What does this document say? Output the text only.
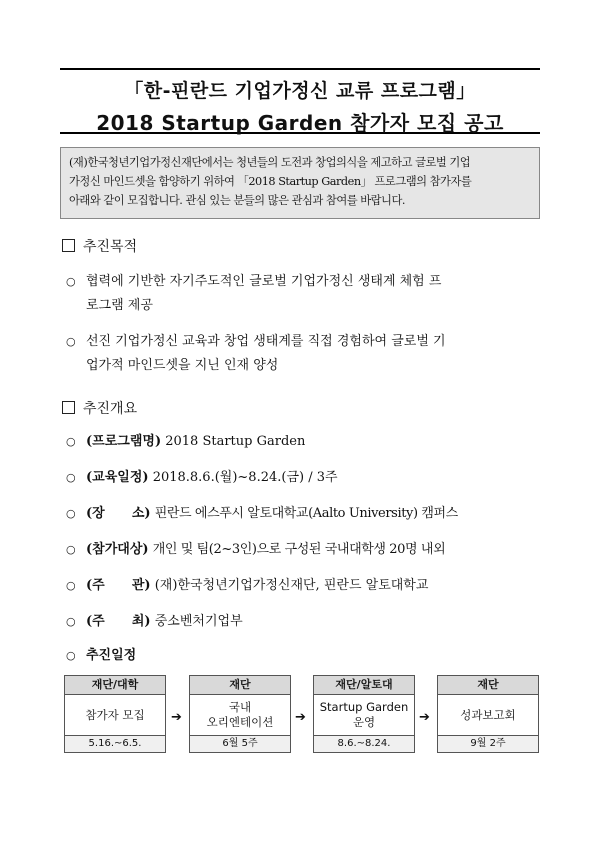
「한-핀란드 기업가정신 교류 프로그램」
2018 Startup Garden 참가자 모집 공고
(재)한국청년기업가정신재단에서는 청년들의 도전과 창업의식을 제고하고 글로벌 기업
가정신 마인드셋을 함양하기 위하여 「2018 Startup Garden」 프로그램의 참가자를
아래와 같이 모집합니다. 관심 있는 분들의 많은 관심과 참여를 바랍니다.
추진목적
○ 협력에 기반한 자기주도적인 글로벌 기업가정신 생태계 체험 프
로그램 제공
○ 선진 기업가정신 교육과 창업 생태계를 직접 경험하여 글로벌 기
업가적 마인드셋을 지닌 인재 양성
추진개요
○ (프로그램명) 2018 Startup Garden
○ (교육일정) 2018.8.6.(월)~8.24.(금) / 3주
○ (장      소) 핀란드 에스푸시 알토대학교(Aalto University) 캠퍼스
○ (참가대상) 개인 및 팀(2~3인)으로 구성된 국내대학생 20명 내외
○ (주      관) (재)한국청년기업가정신재단, 핀란드 알토대학교
○ (주      최) 중소벤처기업부
○ 추진일정
재단/대학
참가자 모집
5.16.~6.5.
➔
재단
국내
오리엔테이션
6월 5주
➔
재단/알토대
Startup Garden
운영
8.6.~8.24.
➔
재단
성과보고회
9월 2주
